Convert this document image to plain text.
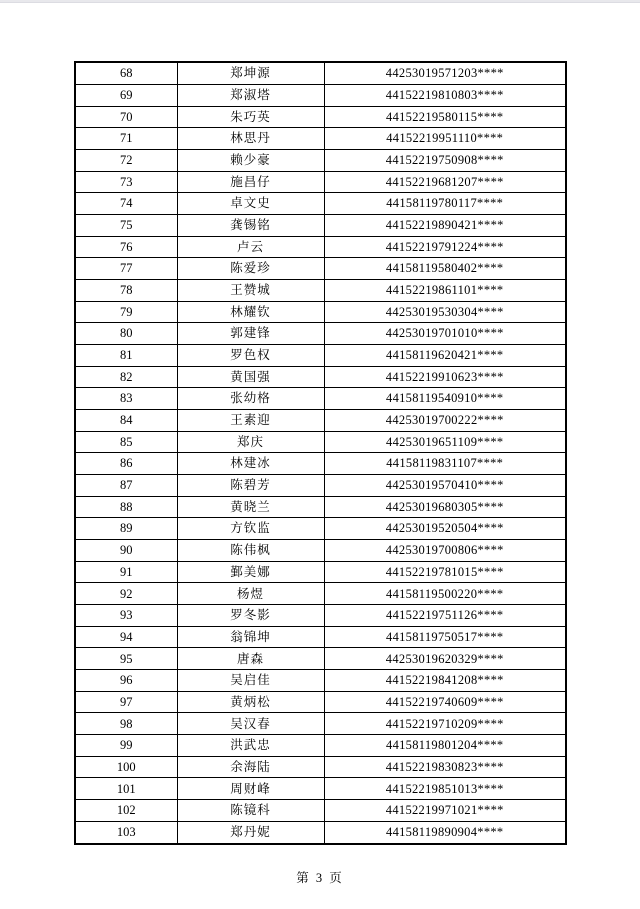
68	郑坤源	44253019571203****
69	郑淑塔	44152219810803****
70	朱巧英	44152219580115****
71	林思丹	44152219951110****
72	赖少豪	44152219750908****
73	施昌仔	44152219681207****
74	卓文史	44158119780117****
75	龚锡铭	44152219890421****
76	卢云	44152219791224****
77	陈爱珍	44158119580402****
78	王赞城	44152219861101****
79	林耀钦	44253019530304****
80	郭建锋	44253019701010****
81	罗色权	44158119620421****
82	黄国强	44152219910623****
83	张幼格	44158119540910****
84	王素迎	44253019700222****
85	郑庆	44253019651109****
86	林建冰	44158119831107****
87	陈碧芳	44253019570410****
88	黄晓兰	44253019680305****
89	方钦监	44253019520504****
90	陈伟枫	44253019700806****
91	鄞美娜	44152219781015****
92	杨煜	44158119500220****
93	罗冬影	44152219751126****
94	翁锦坤	44158119750517****
95	唐森	44253019620329****
96	吴启佳	44152219841208****
97	黄炳松	44152219740609****
98	吴汉春	44152219710209****
99	洪武忠	44158119801204****
100	余海陆	44152219830823****
101	周财峰	44152219851013****
102	陈镜科	44152219971021****
103	郑丹妮	44158119890904****
第 3 页
